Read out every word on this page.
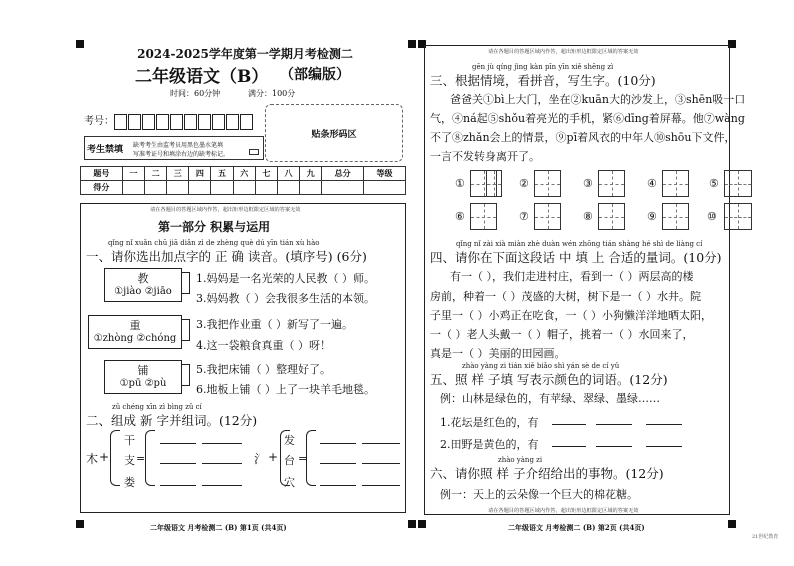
2024-2025学年度第一学期月考检测二
二年级语文（B） （部编版）
时间：60分钟	满分：100分
考号：
贴条形码区
考生禁填 缺考考生由监考员用黑色墨水笔填
写准考证号和填涂右边的缺考标记。
题号	一	二	三	四	五	六	七	八	九	总分	等级
得分											
请在各题目的答题区域内作答，超出矩形边框限定区域的答案无效
第一部分 积累与运用
qǐng nǐ xuǎn chū jiā diǎn zì de zhèng què dú yīn tián xù hào
一、请你选出加点字的 正 确 读音。(填序号) (6分)
教
①jiào ②jiāo
1.妈妈是一名光荣的人民教（ ）师。
3.妈妈教（ ）会我很多生活的本领。
重
①zhòng ②chóng
3.我把作业重（ ）新写了一遍。
4.这一袋粮食真重（ ）呀！
铺
①pū ②pù
5.我把床铺（ ）整理好了。
6.地板上铺（ ）上了一块羊毛地毯。
zǔ chéng xīn zì bìng zǔ cí
二、组成 新 字并组词。(12分)
木 +
干
支
娄
=	氵 +
发
台
穴
=
二年级语文 月考检测二 (B) 第1页 (共4页)
请在各题目的答题区域内作答，超出矩形边框限定区域的答案无效
gēn jù qíng jìng kàn pīn yīn xiě shēng zì
三、根据情境，看拼音，写生字。(10分)
爸爸关①bì上大门，坐在②kuān大的沙发上，③shēn吸一口
气，④ná起⑤shǒu着亮光的手机，紧⑥dīng着屏幕。他⑦wàng
不了⑧zhǎn会上的情景，⑨pī着风衣的中年人⑩shōu下文件，
一言不发转身离开了。
①	②	③	④	⑤
⑥	⑦	⑧	⑨	⑩
qǐng nǐ zài xià miàn zhè duàn wén zhōng tián shàng hé shì de liàng cí
四、请你在下面这段话 中 填 上 合适的量词。(10分)
有一（ ），我们走进村庄，看到一（ ）两层高的楼
房前，种着一（ ）茂盛的大树，树下是一（ ）水井。院
子里一（ ）小鸡正在吃食，一（ ）小狗懒洋洋地晒太阳，
一（ ）老人头戴一（ ）帽子，挑着一（ ）水回来了，
真是一（ ）美丽的田园画。
zhào yàng zi tián xiě biǎo shì yán sè de cí yǔ
五、照 样 子填 写表示颜色的词语。(12分)
例：山林是绿色的，有苹绿、翠绿、墨绿……
1.花坛是红色的，有
2.田野是黄色的，有
zhào yàng zi
六、请你照 样 子介绍给出的事物。(12分)
例一：天上的云朵像一个巨大的棉花糖。
请在各题目的答题区域内作答，超出矩形边框限定区域的答案无效
二年级语文 月考检测二 (B) 第2页 (共4页)
21世纪教育
